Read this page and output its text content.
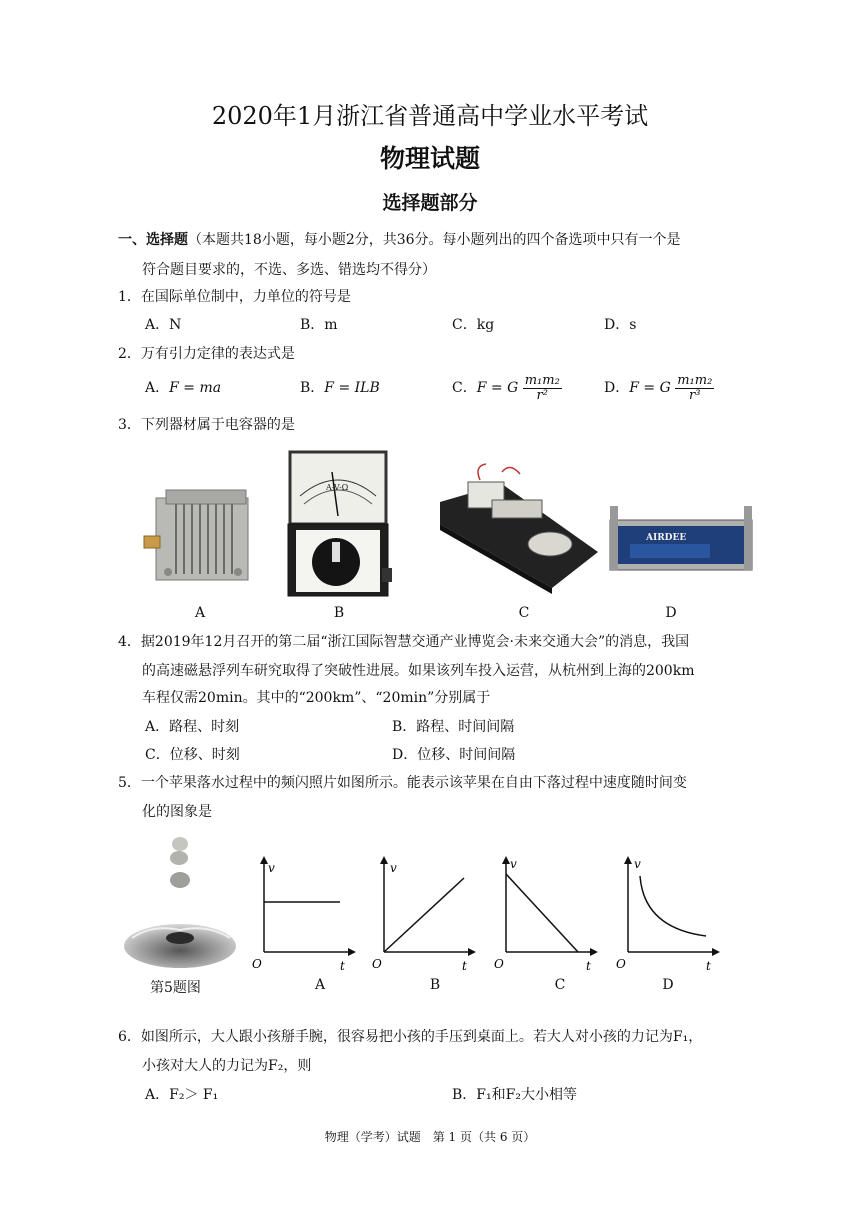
2020年1月浙江省普通高中学业水平考试
物理试题
选择题部分
一、选择题（本题共18小题，每小题2分，共36分。每小题列出的四个备选项中只有一个是
符合题目要求的，不选、多选、错选均不得分）
1．在国际单位制中，力单位的符号是
A．N	B．m	C．kg	D．s
2．万有引力定律的表达式是
A．F = ma	B．F = ILB	C．F = G $\frac{\text{m₁m₂}}{\text{r²}}$	D．F = G $\frac{\text{m₁m₂}}{\text{r³}}$
3．下列器材属于电容器的是
A-V-Ω
AIRDEE
A	B	C	D
4．据2019年12月召开的第二届“浙江国际智慧交通产业博览会·未来交通大会”的消息，我国
的高速磁悬浮列车研究取得了突破性进展。如果该列车投入运营，从杭州到上海的200km
车程仅需20min。其中的“200km”、“20min”分别属于
A．路程、时刻	B．路程、时间间隔
C．位移、时刻	D．位移、时间间隔
5．一个苹果落水过程中的频闪照片如图所示。能表示该苹果在自由下落过程中速度随时间变
化的图象是
第5题图
v
t
O
A
v
t
O
B
v
t
O
C
v
t
O
D
6．如图所示，大人跟小孩掰手腕，很容易把小孩的手压到桌面上。若大人对小孩的力记为F₁，
小孩对大人的力记为F₂，则
A．F₂＞ F₁	B．F₁和F₂大小相等
物理（学考）试题　第 1 页（共 6 页）
